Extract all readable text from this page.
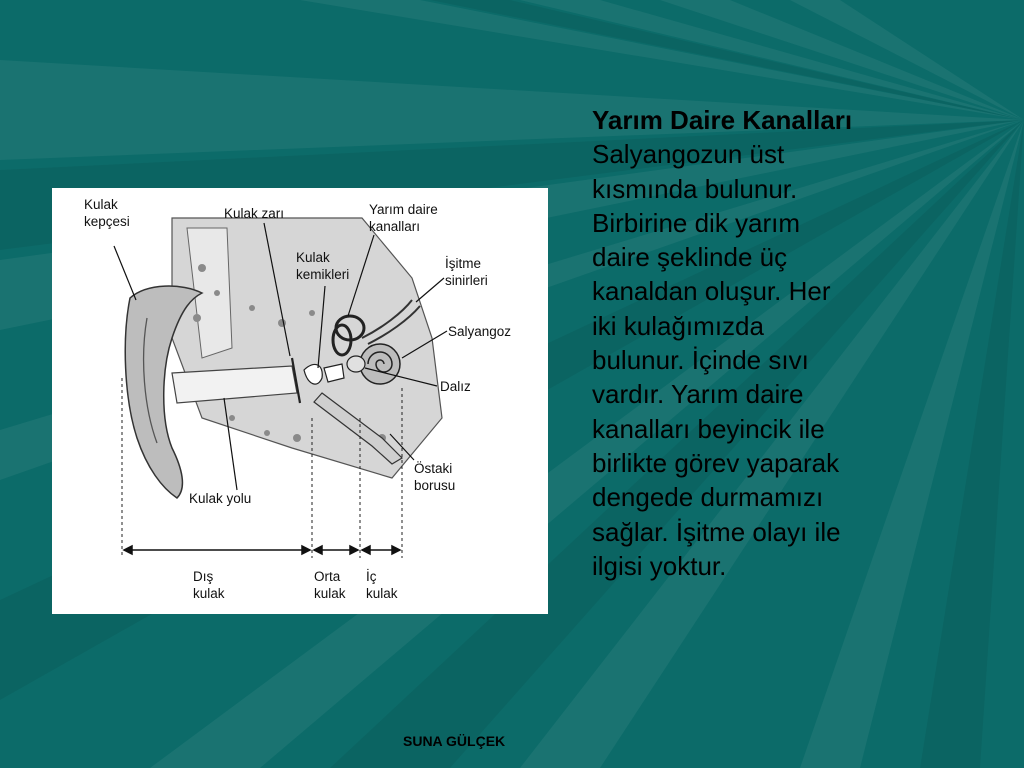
Kulak
kepçesi
Kulak zarı	Yarım daire
kanalları
Kulak
kemikleri
İşitme
sinirleri
Salyangoz
Dalız
Östaki
borusu
Kulak yolu
Dış
kulak
Orta
kulak
İç
kulak
Yarım Daire Kanalları
Salyangozun üst
kısmında bulunur.
Birbirine dik yarım
daire şeklinde üç
kanaldan oluşur. Her
iki kulağımızda
bulunur. İçinde sıvı
vardır. Yarım daire
kanalları beyincik ile
birlikte görev yaparak
dengede durmamızı
sağlar. İşitme olayı ile
ilgisi yoktur.
SUNA GÜLÇEK
